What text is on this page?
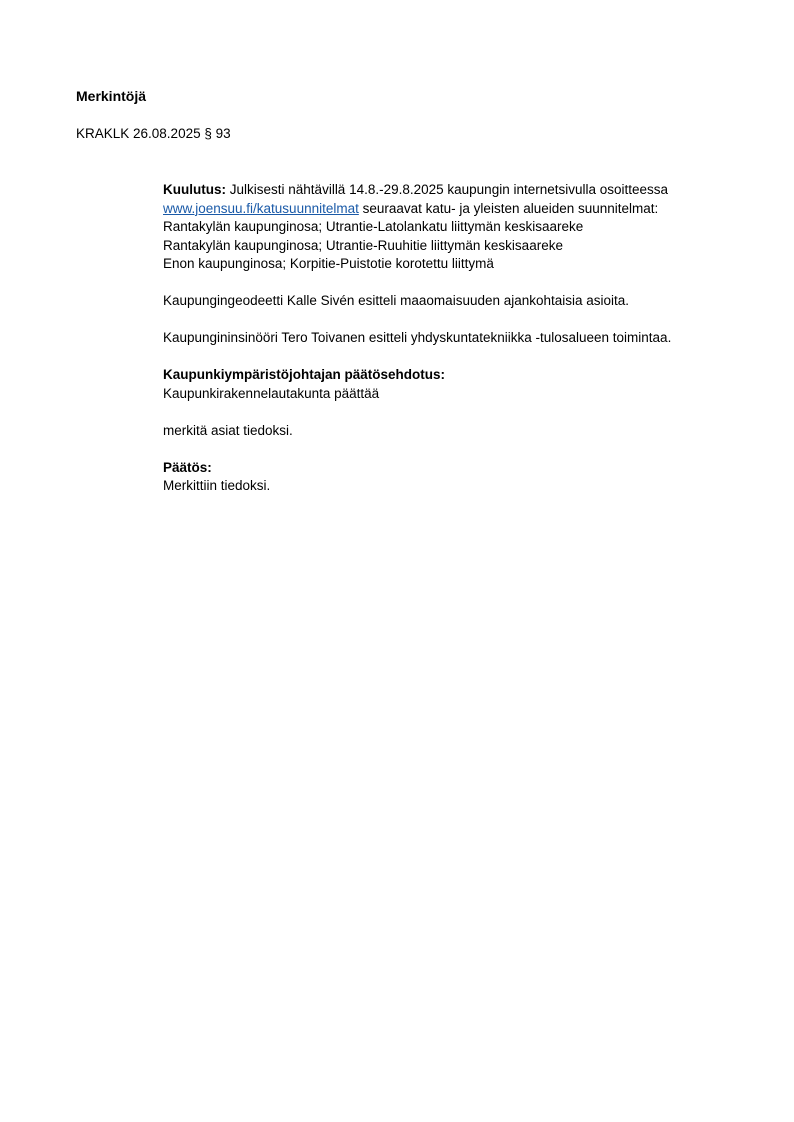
Merkintöjä
KRAKLK 26.08.2025 § 93
Kuulutus: Julkisesti nähtävillä 14.8.-29.8.2025 kaupungin internetsivulla osoitteessa
www.joensuu.fi/katusuunnitelmat seuraavat katu- ja yleisten alueiden suunnitelmat:
Rantakylän kaupunginosa; Utrantie-Latolankatu liittymän keskisaareke
Rantakylän kaupunginosa; Utrantie-Ruuhitie liittymän keskisaareke
Enon kaupunginosa; Korpitie-Puistotie korotettu liittymä
Kaupungingeodeetti Kalle Sivén esitteli maaomaisuuden ajankohtaisia asioita.
Kaupungininsinööri Tero Toivanen esitteli yhdyskuntatekniikka -tulosalueen toimintaa.
Kaupunkiympäristöjohtajan päätösehdotus:
Kaupunkirakennelautakunta päättää
merkitä asiat tiedoksi.
Päätös:
Merkittiin tiedoksi.
